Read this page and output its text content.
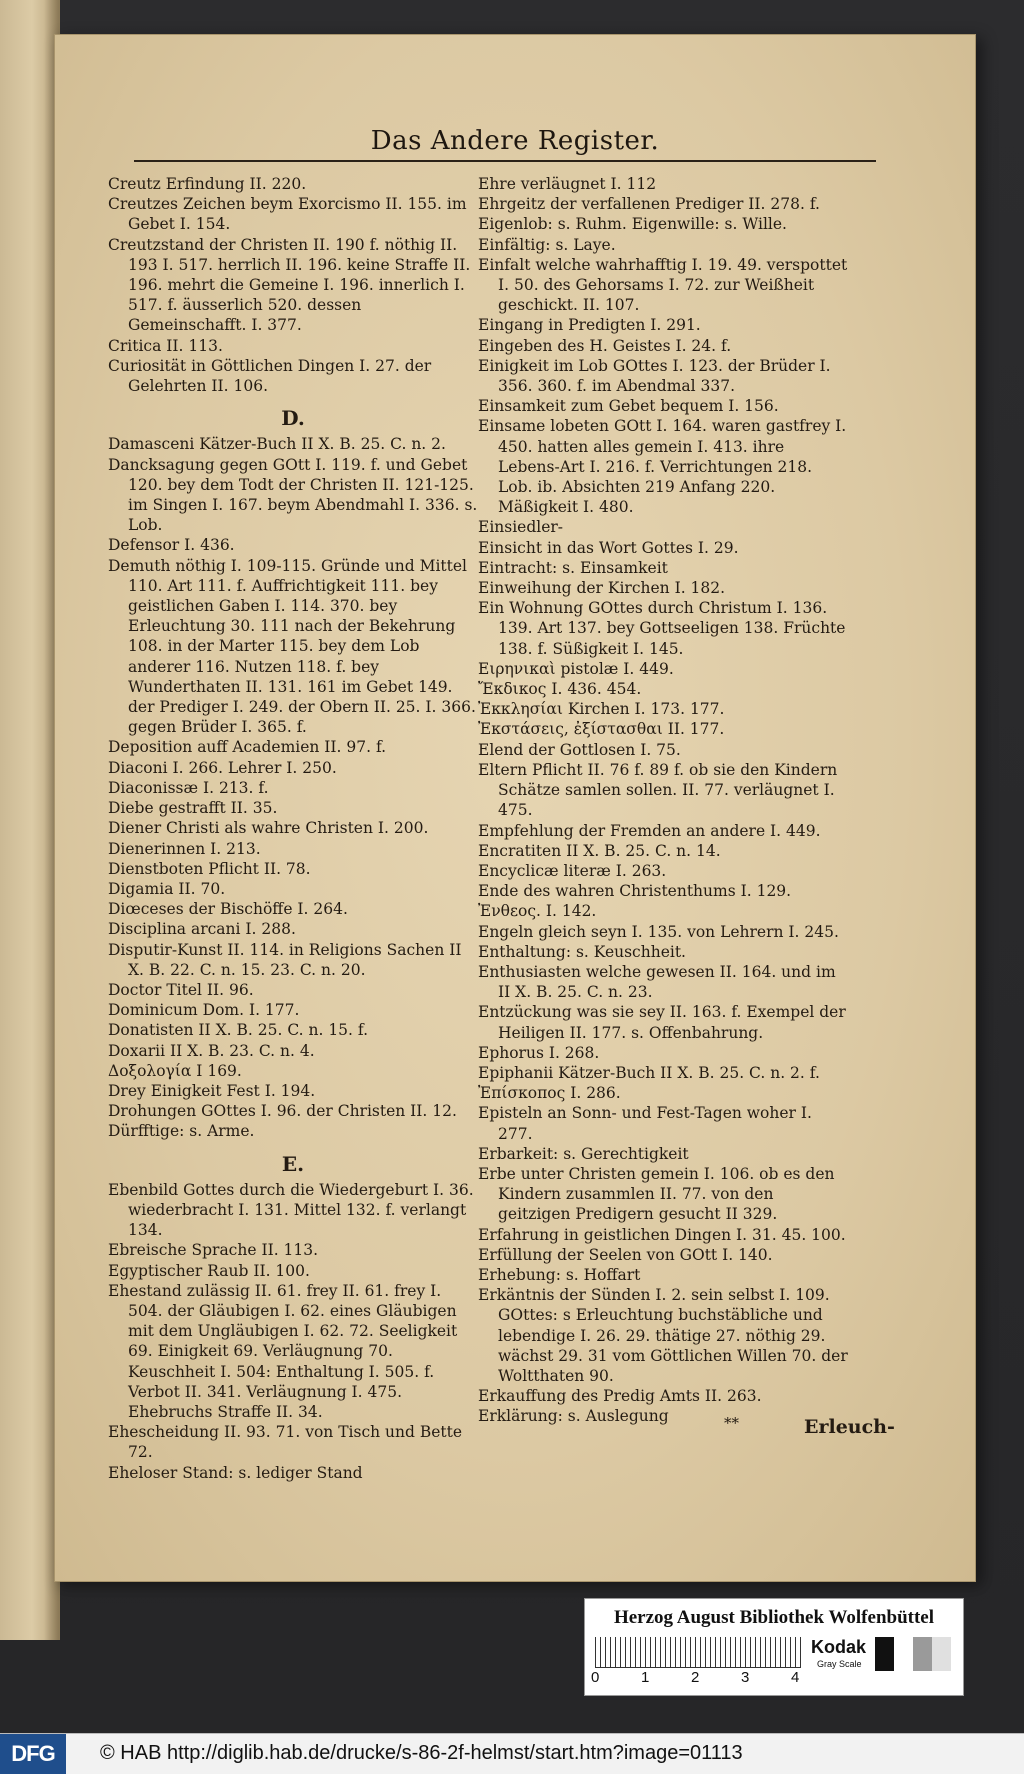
Das Andere Register.
Creutz Erfindung II. 220.
Creutzes Zeichen beym Exorcismo II. 155. im Gebet I. 154.
Creutzstand der Christen II. 190 f. nöthig II. 193 I. 517. herrlich II. 196. keine Straffe II. 196. mehrt die Gemeine I. 196. innerlich I. 517. f. äusserlich 520. dessen Gemeinschafft. I. 377.
Critica II. 113.
Curiosität in Göttlichen Dingen I. 27. der Gelehrten II. 106.
D.
Damasceni Kätzer-Buch II X. B. 25. C. n. 2.
Dancksagung gegen GOtt I. 119. f. und Gebet 120. bey dem Todt der Christen II. 121-125. im Singen I. 167. beym Abendmahl I. 336. s. Lob.
Defensor I. 436.
Demuth nöthig I. 109-115. Gründe und Mittel 110. Art 111. f. Auffrichtigkeit 111. bey geistlichen Gaben I. 114. 370. bey Erleuchtung 30. 111 nach der Bekehrung 108. in der Marter 115. bey dem Lob anderer 116. Nutzen 118. f. bey Wunderthaten II. 131. 161 im Gebet 149. der Prediger I. 249. der Obern II. 25. I. 366. gegen Brüder I. 365. f.
Deposition auff Academien II. 97. f.
Diaconi I. 266. Lehrer I. 250.
Diaconissæ I. 213. f.
Diebe gestrafft II. 35.
Diener Christi als wahre Christen I. 200.
Dienerinnen I. 213.
Dienstboten Pflicht II. 78.
Digamia II. 70.
Diœceses der Bischöffe I. 264.
Disciplina arcani I. 288.
Disputir-Kunst II. 114. in Religions Sachen II X. B. 22. C. n. 15. 23. C. n. 20.
Doctor Titel II. 96.
Dominicum Dom. I. 177.
Donatisten II X. B. 25. C. n. 15. f.
Doxarii II X. B. 23. C. n. 4.
Δοξολογία I 169.
Drey Einigkeit Fest I. 194.
Drohungen GOttes I. 96. der Christen II. 12.
Dürfftige: s. Arme.
E.
Ebenbild Gottes durch die Wiedergeburt I. 36. wiederbracht I. 131. Mittel 132. f. verlangt 134.
Ebreische Sprache II. 113.
Egyptischer Raub II. 100.
Ehestand zulässig II. 61. frey II. 61. frey I. 504. der Gläubigen I. 62. eines Gläubigen mit dem Ungläubigen I. 62. 72. Seeligkeit 69. Einigkeit 69. Verläugnung 70. Keuschheit I. 504: Enthaltung I. 505. f. Verbot II. 341. Verläugnung I. 475. Ehebruchs Straffe II. 34.
Ehescheidung II. 93. 71. von Tisch und Bette 72.
Eheloser Stand: s. lediger Stand
Ehre verläugnet I. 112
Ehrgeitz der verfallenen Prediger II. 278. f.
Eigenlob: s. Ruhm. Eigenwille: s. Wille.
Einfältig: s. Laye.
Einfalt welche wahrhafftig I. 19. 49. verspottet I. 50. des Gehorsams I. 72. zur Weißheit geschickt. II. 107.
Eingang in Predigten I. 291.
Eingeben des H. Geistes I. 24. f.
Einigkeit im Lob GOttes I. 123. der Brüder I. 356. 360. f. im Abendmal 337.
Einsamkeit zum Gebet bequem I. 156.
Einsame lobeten GOtt I. 164. waren gastfrey I. 450. hatten alles gemein I. 413. ihre Lebens-Art I. 216. f. Verrichtungen 218. Lob. ib. Absichten 219 Anfang 220. Mäßigkeit I. 480.
Einsiedler-
Einsicht in das Wort Gottes I. 29.
Eintracht: s. Einsamkeit
Einweihung der Kirchen I. 182.
Ein Wohnung GOttes durch Christum I. 136. 139. Art 137. bey Gottseeligen 138. Früchte 138. f. Süßigkeit I. 145.
Ειρηνικαὶ pistolæ I. 449.
Ἔκδικος I. 436. 454.
Ἐκκλησίαι Kirchen I. 173. 177.
Ἐκστάσεις, ἐξίστασθαι II. 177.
Elend der Gottlosen I. 75.
Eltern Pflicht II. 76 f. 89 f. ob sie den Kindern Schätze samlen sollen. II. 77. verläugnet I. 475.
Empfehlung der Fremden an andere I. 449.
Encratiten II X. B. 25. C. n. 14.
Encyclicæ literæ I. 263.
Ende des wahren Christenthums I. 129.
Ἐνθεος. I. 142.
Engeln gleich seyn I. 135. von Lehrern I. 245.
Enthaltung: s. Keuschheit.
Enthusiasten welche gewesen II. 164. und im II X. B. 25. C. n. 23.
Entzückung was sie sey II. 163. f. Exempel der Heiligen II. 177. s. Offenbahrung.
Ephorus I. 268.
Epiphanii Kätzer-Buch II X. B. 25. C. n. 2. f.
Ἐπίσκοπος I. 286.
Episteln an Sonn- und Fest-Tagen woher I. 277.
Erbarkeit: s. Gerechtigkeit
Erbe unter Christen gemein I. 106. ob es den Kindern zusammlen II. 77. von den geitzigen Predigern gesucht II 329.
Erfahrung in geistlichen Dingen I. 31. 45. 100.
Erfüllung der Seelen von GOtt I. 140.
Erhebung: s. Hoffart
Erkäntnis der Sünden I. 2. sein selbst I. 109. GOttes: s Erleuchtung buchstäbliche und lebendige I. 26. 29. thätige 27. nöthig 29. wächst 29. 31 vom Göttlichen Willen 70. der Woltthaten 90.
Erkauffung des Predig Amts II. 263.
Erklärung: s. Auslegung	**	Erleuch-
Herzog August Bibliothek Wolfenbüttel
0	1	2	3	4
Kodak
Gray Scale
DFG	© HAB http://diglib.hab.de/drucke/s-86-2f-helmst/start.htm?image=01113
